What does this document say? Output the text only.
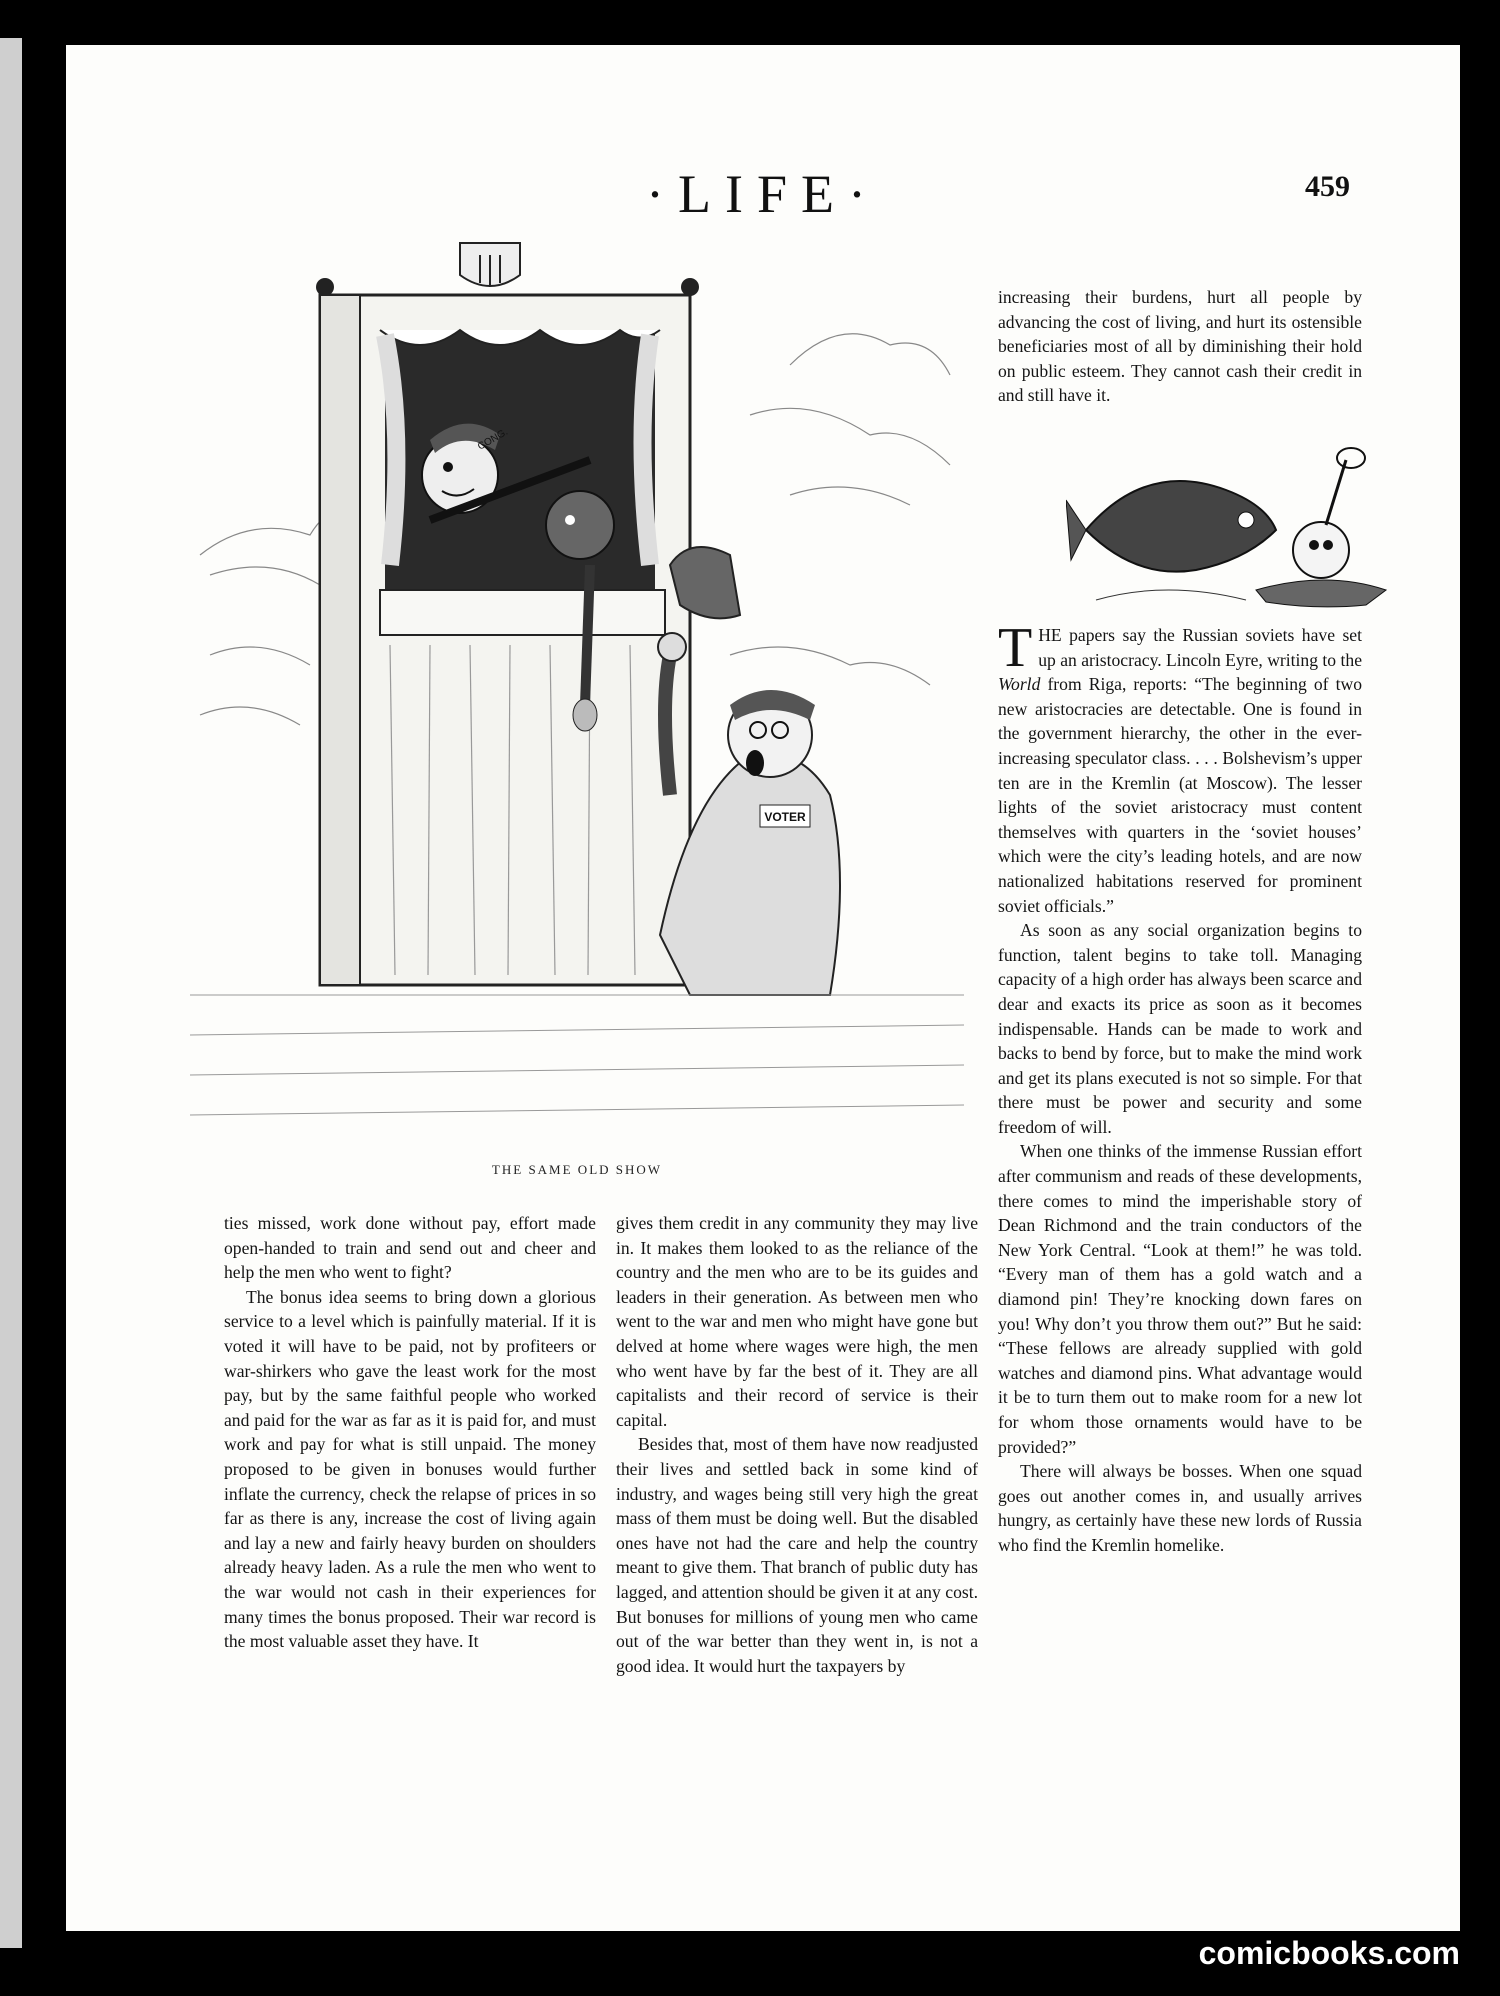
·LIFE·	459
VOTER
CONG.
THE SAME OLD SHOW

ties missed, work done without pay, effort made open-handed to train and send out and cheer and help the men who went to fight?

The bonus idea seems to bring down a glorious service to a level which is painfully material. If it is voted it will have to be paid, not by profiteers or war-shirkers who gave the least work for the most pay, but by the same faithful people who worked and paid for the war as far as it is paid for, and must work and pay for what is still unpaid. The money proposed to be given in bonuses would further inflate the currency, check the relapse of prices in so far as there is any, increase the cost of living again and lay a new and fairly heavy burden on shoulders already heavy laden. As a rule the men who went to the war would not cash in their experiences for many times the bonus proposed. Their war record is the most valuable asset they have. It

gives them credit in any community they may live in. It makes them looked to as the reliance of the country and the men who are to be its guides and leaders in their generation. As between men who went to the war and men who might have gone but delved at home where wages were high, the men who went have by far the best of it. They are all capitalists and their record of service is their capital.

Besides that, most of them have now readjusted their lives and settled back in some kind of industry, and wages being still very high the great mass of them must be doing well. But the disabled ones have not had the care and help the country meant to give them. That branch of public duty has lagged, and attention should be given it at any cost. But bonuses for millions of young men who came out of the war better than they went in, is not a good idea. It would hurt the taxpayers by

increasing their burdens, hurt all people by advancing the cost of living, and hurt its ostensible beneficiaries most of all by diminishing their hold on public esteem. They cannot cash their credit in and still have it.

THE papers say the Russian soviets have set up an aristocracy. Lincoln Eyre, writing to the World from Riga, reports: “The beginning of two new aristocracies are detectable. One is found in the government hierarchy, the other in the ever-increasing speculator class. . . . Bolshevism’s upper ten are in the Kremlin (at Moscow). The lesser lights of the soviet aristocracy must content themselves with quarters in the ‘soviet houses’ which were the city’s leading hotels, and are now nationalized habitations reserved for prominent soviet officials.”

As soon as any social organization begins to function, talent begins to take toll. Managing capacity of a high order has always been scarce and dear and exacts its price as soon as it becomes indispensable. Hands can be made to work and backs to bend by force, but to make the mind work and get its plans executed is not so simple. For that there must be power and security and some freedom of will.

When one thinks of the immense Russian effort after communism and reads of these developments, there comes to mind the imperishable story of Dean Richmond and the train conductors of the New York Central. “Look at them!” he was told. “Every man of them has a gold watch and a diamond pin! They’re knocking down fares on you! Why don’t you throw them out?” But he said: “These fellows are already supplied with gold watches and diamond pins. What advantage would it be to turn them out to make room for a new lot for whom those ornaments would have to be provided?”

There will always be bosses. When one squad goes out another comes in, and usually arrives hungry, as certainly have these new lords of Russia who find the Kremlin homelike.

comicbooks.com
